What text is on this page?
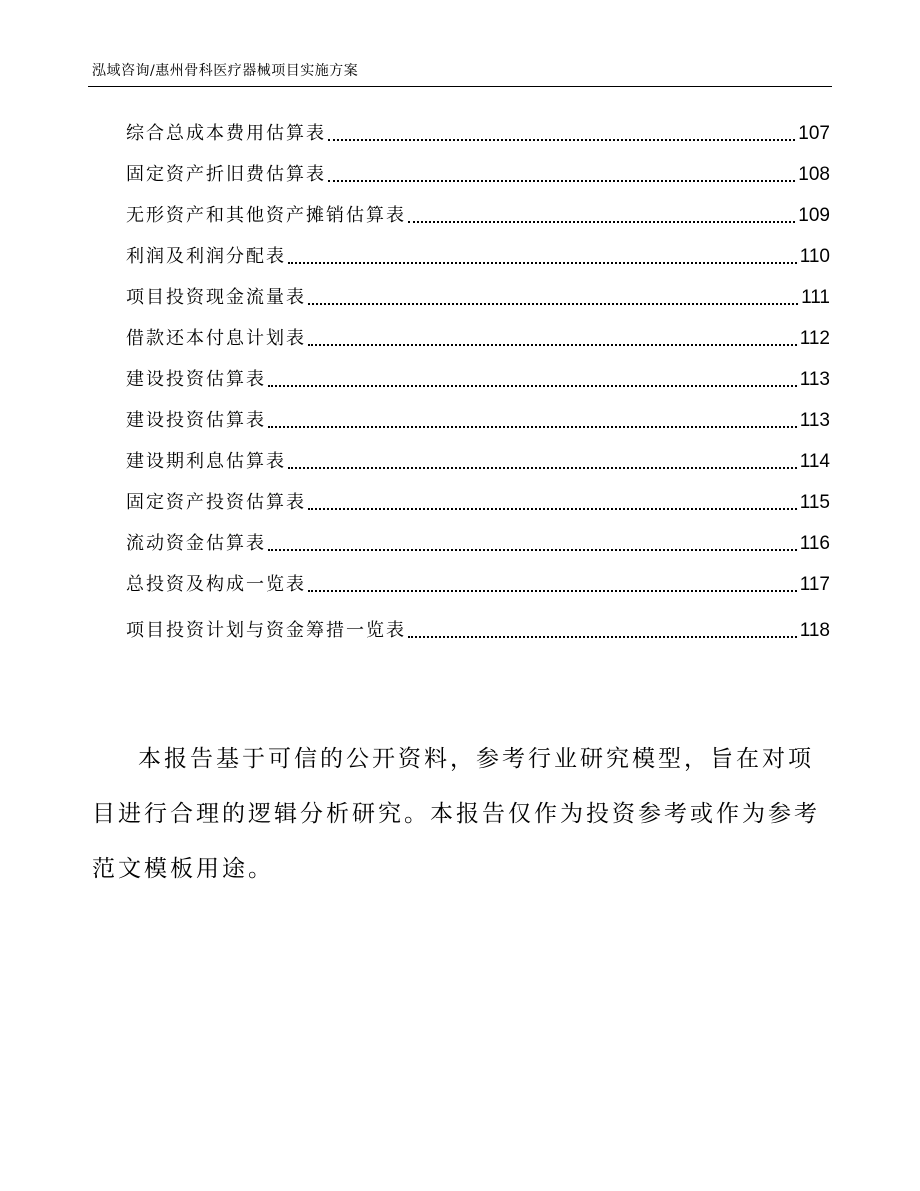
泓域咨询/惠州骨科医疗器械项目实施方案
综合总成本费用估算表	107
固定资产折旧费估算表	108
无形资产和其他资产摊销估算表	109
利润及利润分配表	110
项目投资现金流量表	111
借款还本付息计划表	112
建设投资估算表	113
建设投资估算表	113
建设期利息估算表	114
固定资产投资估算表	115
流动资金估算表	116
总投资及构成一览表	117
项目投资计划与资金筹措一览表	118

本报告基于可信的公开资料，参考行业研究模型，旨在对项目进行合理的逻辑分析研究。本报告仅作为投资参考或作为参考范文模板用途。
